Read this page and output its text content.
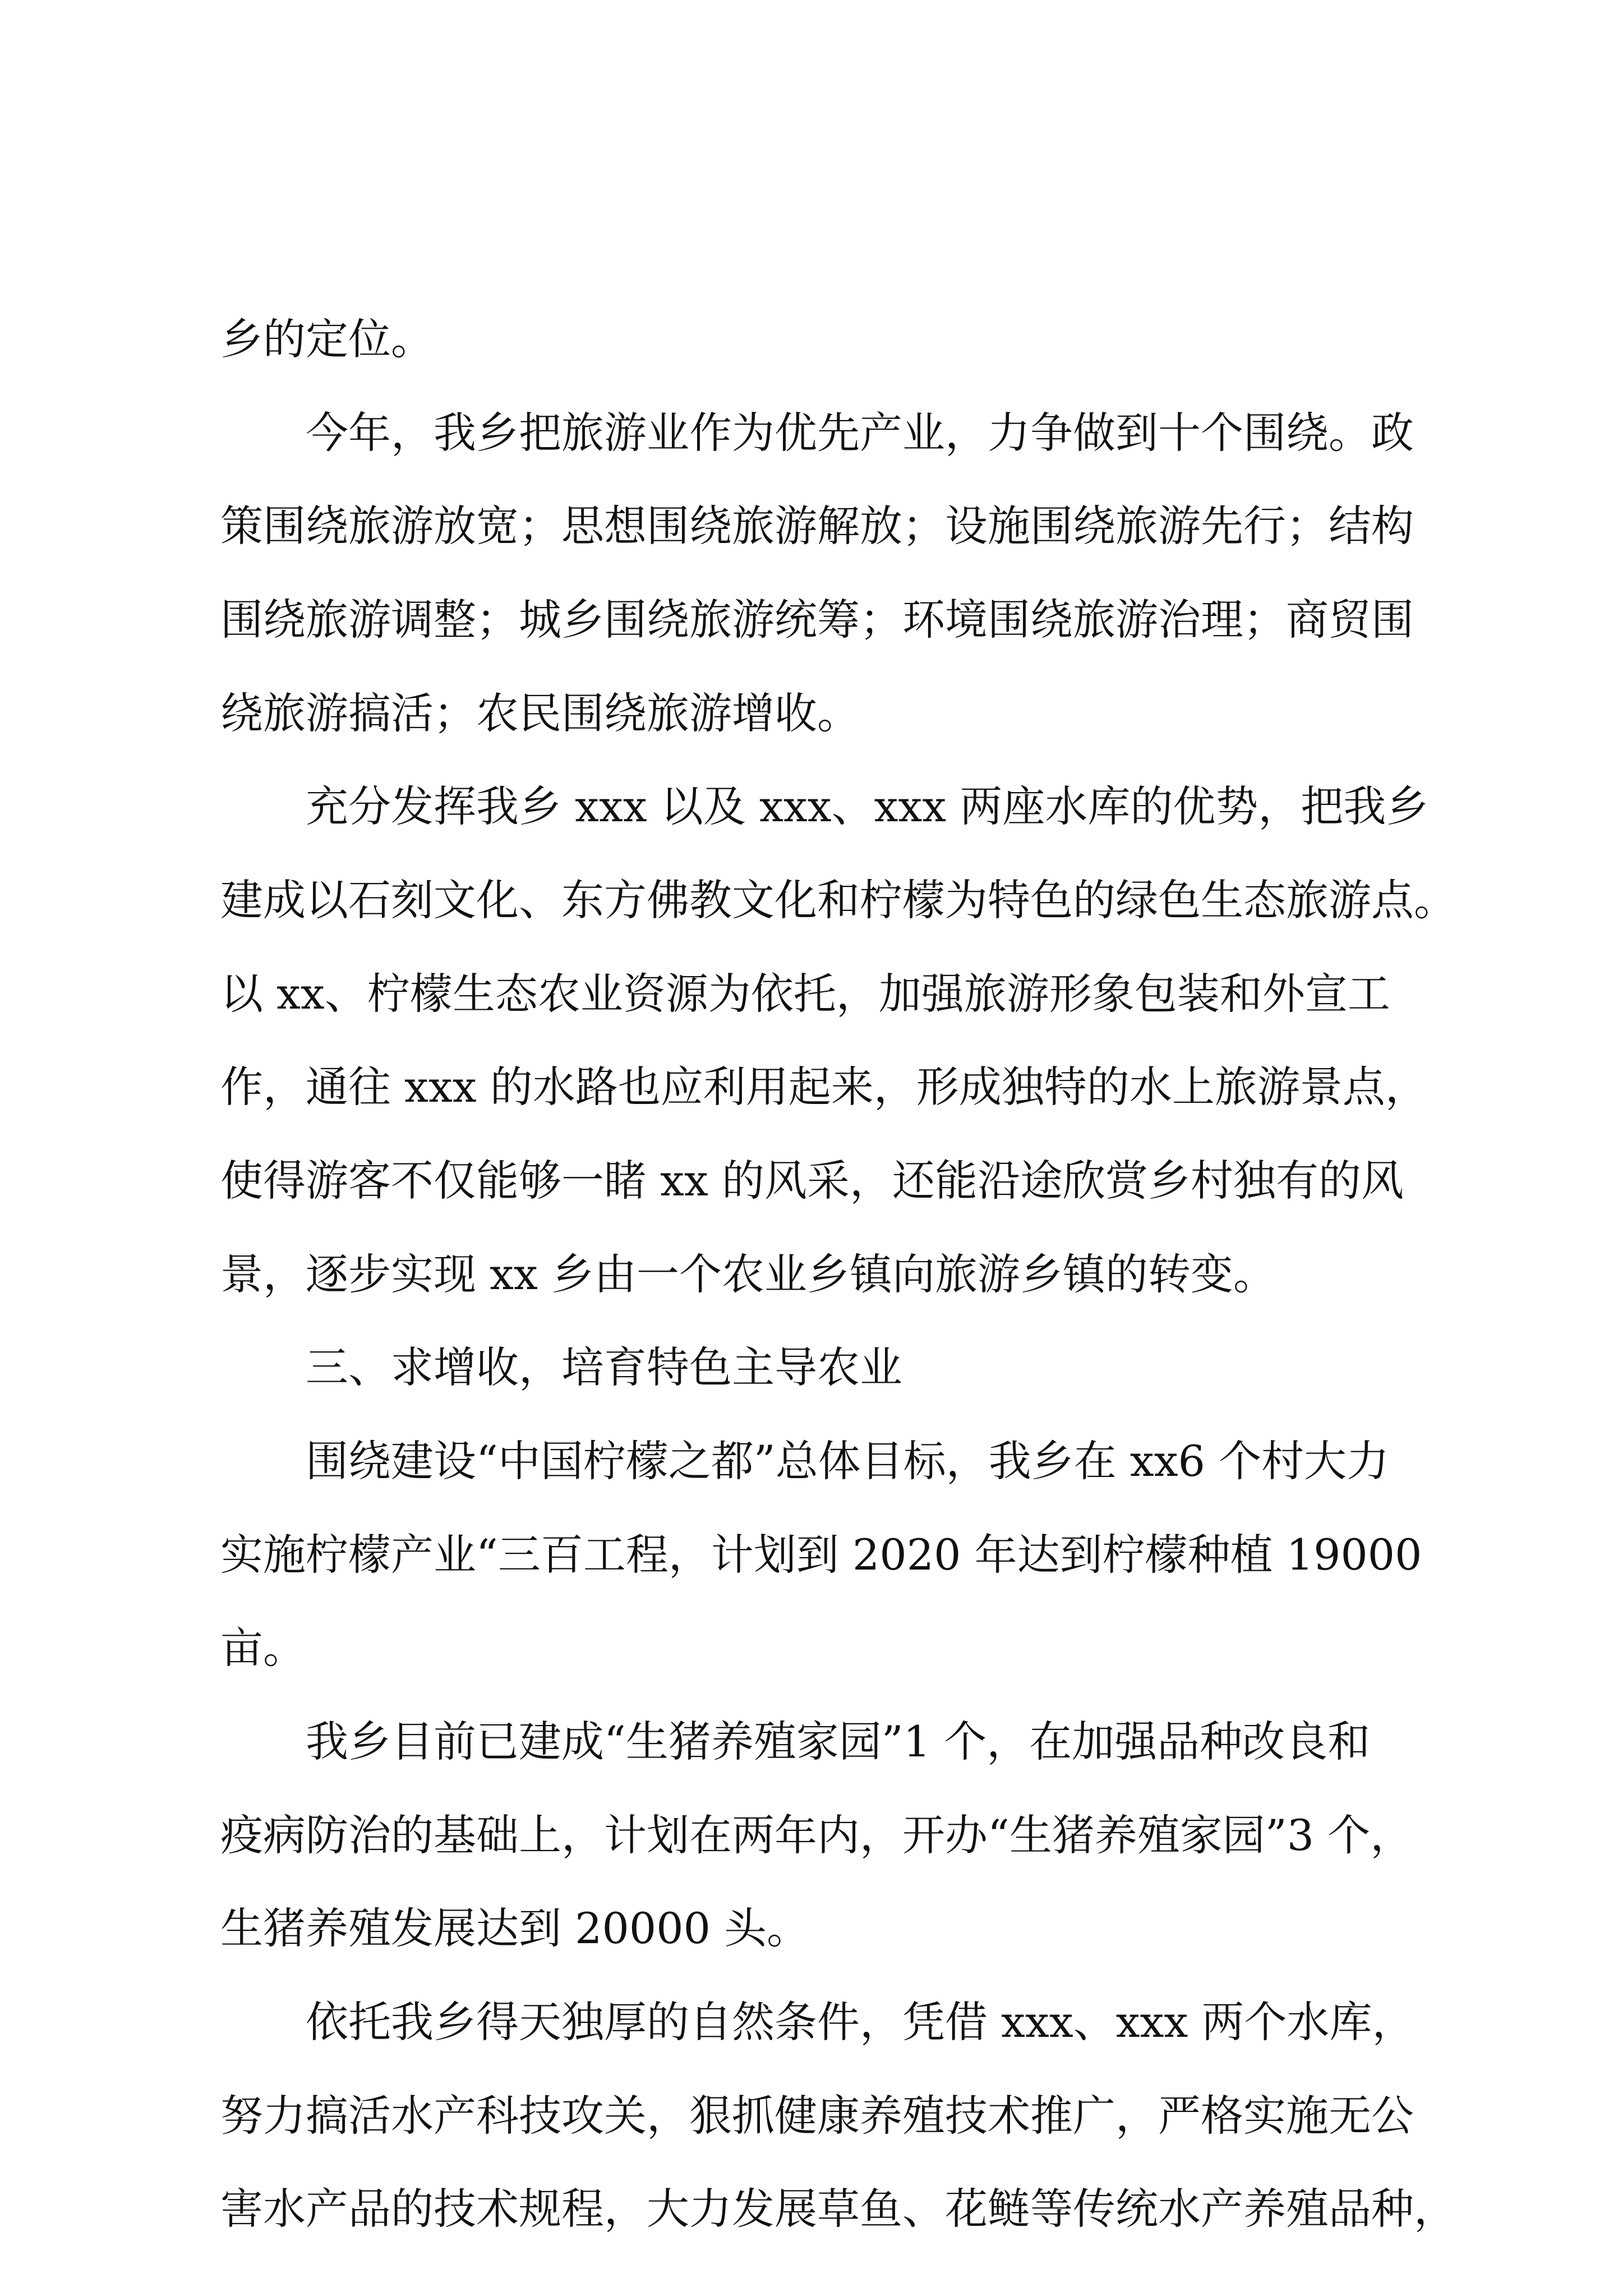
乡的定位。
今年，我乡把旅游业作为优先产业，力争做到十个围绕。政
策围绕旅游放宽；思想围绕旅游解放；设施围绕旅游先行；结构
围绕旅游调整；城乡围绕旅游统筹；环境围绕旅游治理；商贸围
绕旅游搞活；农民围绕旅游增收。
充分发挥我乡 xxx 以及 xxx、xxx 两座水库的优势，把我乡
建成以石刻文化、东方佛教文化和柠檬为特色的绿色生态旅游点。
以 xx、柠檬生态农业资源为依托，加强旅游形象包装和外宣工
作，通往 xxx 的水路也应利用起来，形成独特的水上旅游景点，
使得游客不仅能够一睹 xx 的风采，还能沿途欣赏乡村独有的风
景，逐步实现 xx 乡由一个农业乡镇向旅游乡镇的转变。
三、求增收，培育特色主导农业
围绕建设“中国柠檬之都”总体目标，我乡在 xx6 个村大力
实施柠檬产业“三百工程，计划到 2020 年达到柠檬种植 19000
亩。
我乡目前已建成“生猪养殖家园”1 个，在加强品种改良和
疫病防治的基础上，计划在两年内，开办“生猪养殖家园”3 个，
生猪养殖发展达到 20000 头。
依托我乡得天独厚的自然条件，凭借 xxx、xxx 两个水库，
努力搞活水产科技攻关，狠抓健康养殖技术推广，严格实施无公
害水产品的技术规程，大力发展草鱼、花鲢等传统水产养殖品种，
